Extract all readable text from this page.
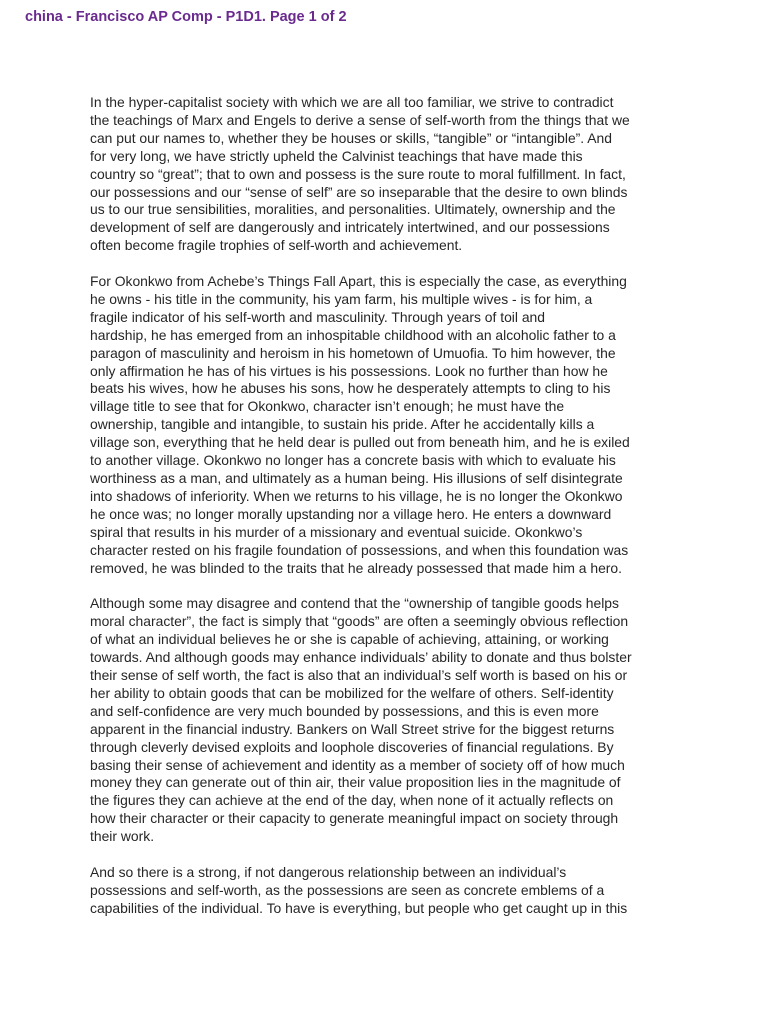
china - Francisco AP Comp - P1D1. Page 1 of 2

In the hyper-capitalist society with which we are all too familiar, we strive to contradict
the teachings of Marx and Engels to derive a sense of self-worth from the things that we
can put our names to, whether they be houses or skills, “tangible” or “intangible”. And
for very long, we have strictly upheld the Calvinist teachings that have made this
country so “great”; that to own and possess is the sure route to moral fulfillment. In fact,
our possessions and our “sense of self” are so inseparable that the desire to own blinds
us to our true sensibilities, moralities, and personalities. Ultimately, ownership and the
development of self are dangerously and intricately intertwined, and our possessions
often become fragile trophies of self-worth and achievement.

For Okonkwo from Achebe’s Things Fall Apart, this is especially the case, as everything
he owns - his title in the community, his yam farm, his multiple wives - is for him, a
fragile indicator of his self-worth and masculinity. Through years of toil and
hardship, he has emerged from an inhospitable childhood with an alcoholic father to a
paragon of masculinity and heroism in his hometown of Umuofia. To him however, the
only affirmation he has of his virtues is his possessions. Look no further than how he
beats his wives, how he abuses his sons, how he desperately attempts to cling to his
village title to see that for Okonkwo, character isn’t enough; he must have the
ownership, tangible and intangible, to sustain his pride. After he accidentally kills a
village son, everything that he held dear is pulled out from beneath him, and he is exiled
to another village. Okonkwo no longer has a concrete basis with which to evaluate his
worthiness as a man, and ultimately as a human being. His illusions of self disintegrate
into shadows of inferiority. When we returns to his village, he is no longer the Okonkwo
he once was; no longer morally upstanding nor a village hero. He enters a downward
spiral that results in his murder of a missionary and eventual suicide. Okonkwo’s
character rested on his fragile foundation of possessions, and when this foundation was
removed, he was blinded to the traits that he already possessed that made him a hero.

Although some may disagree and contend that the “ownership of tangible goods helps
moral character”, the fact is simply that “goods” are often a seemingly obvious reflection
of what an individual believes he or she is capable of achieving, attaining, or working
towards. And although goods may enhance individuals’ ability to donate and thus bolster
their sense of self worth, the fact is also that an individual’s self worth is based on his or
her ability to obtain goods that can be mobilized for the welfare of others. Self-identity
and self-confidence are very much bounded by possessions, and this is even more
apparent in the financial industry. Bankers on Wall Street strive for the biggest returns
through cleverly devised exploits and loophole discoveries of financial regulations. By
basing their sense of achievement and identity as a member of society off of how much
money they can generate out of thin air, their value proposition lies in the magnitude of
the figures they can achieve at the end of the day, when none of it actually reflects on
how their character or their capacity to generate meaningful impact on society through
their work.

And so there is a strong, if not dangerous relationship between an individual’s
possessions and self-worth, as the possessions are seen as concrete emblems of a
capabilities of the individual. To have is everything, but people who get caught up in this
